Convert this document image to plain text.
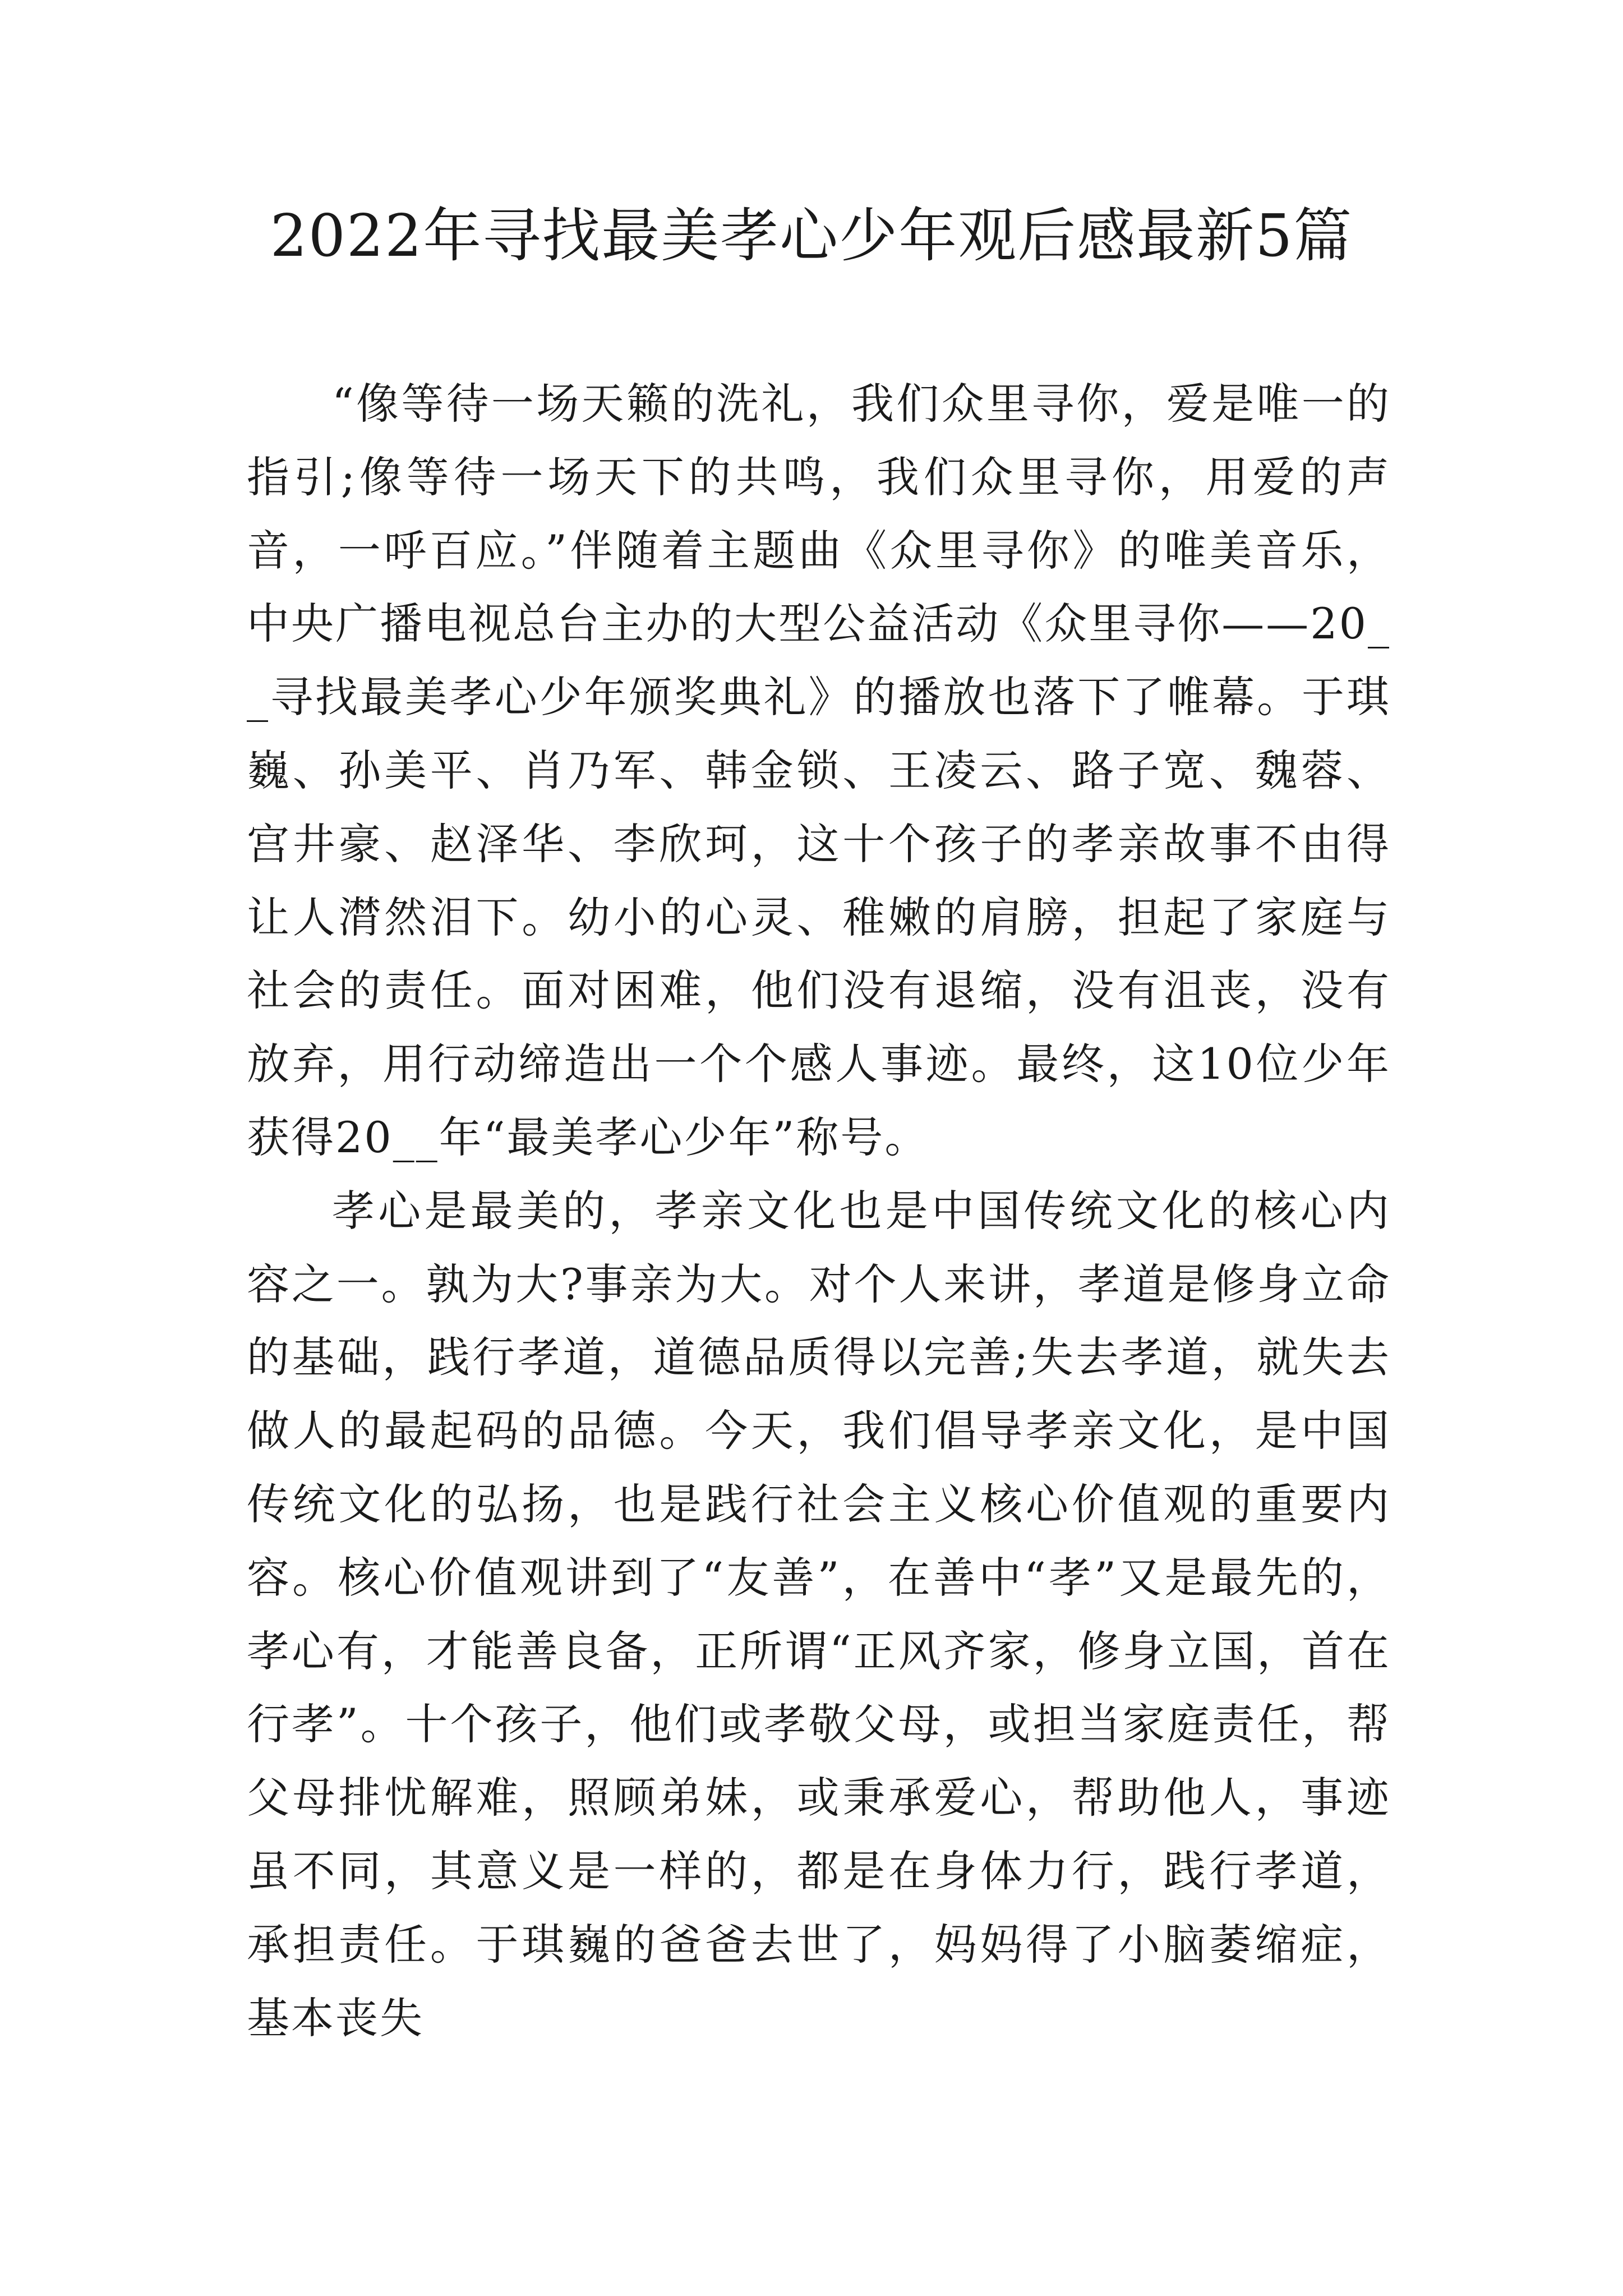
2022年寻找最美孝心少年观后感最新5篇

“像等待一场天籁的洗礼，我们众里寻你，爱是唯一的指引;像等待一场天下的共鸣，我们众里寻你，用爱的声音，一呼百应。”伴随着主题曲《众里寻你》的唯美音乐，中央广播电视总台主办的大型公益活动《众里寻你——20__寻找最美孝心少年颁奖典礼》的播放也落下了帷幕。于琪巍、孙美平、肖乃军、韩金锁、王凌云、路子宽、魏蓉、宫井豪、赵泽华、李欣珂，这十个孩子的孝亲故事不由得让人潸然泪下。幼小的心灵、稚嫩的肩膀，担起了家庭与社会的责任。面对困难，他们没有退缩，没有沮丧，没有放弃，用行动缔造出一个个感人事迹。最终，这10位少年获得20__年“最美孝心少年”称号。

孝心是最美的，孝亲文化也是中国传统文化的核心内容之一。孰为大?事亲为大。对个人来讲，孝道是修身立命的基础，践行孝道，道德品质得以完善;失去孝道，就失去做人的最起码的品德。今天，我们倡导孝亲文化，是中国传统文化的弘扬，也是践行社会主义核心价值观的重要内容。核心价值观讲到了“友善”，在善中“孝”又是最先的，孝心有，才能善良备，正所谓“正风齐家，修身立国，首在行孝”。十个孩子，他们或孝敬父母，或担当家庭责任，帮父母排忧解难，照顾弟妹，或秉承爱心，帮助他人，事迹虽不同，其意义是一样的，都是在身体力行，践行孝道，承担责任。于琪巍的爸爸去世了，妈妈得了小脑萎缩症，基本丧失
